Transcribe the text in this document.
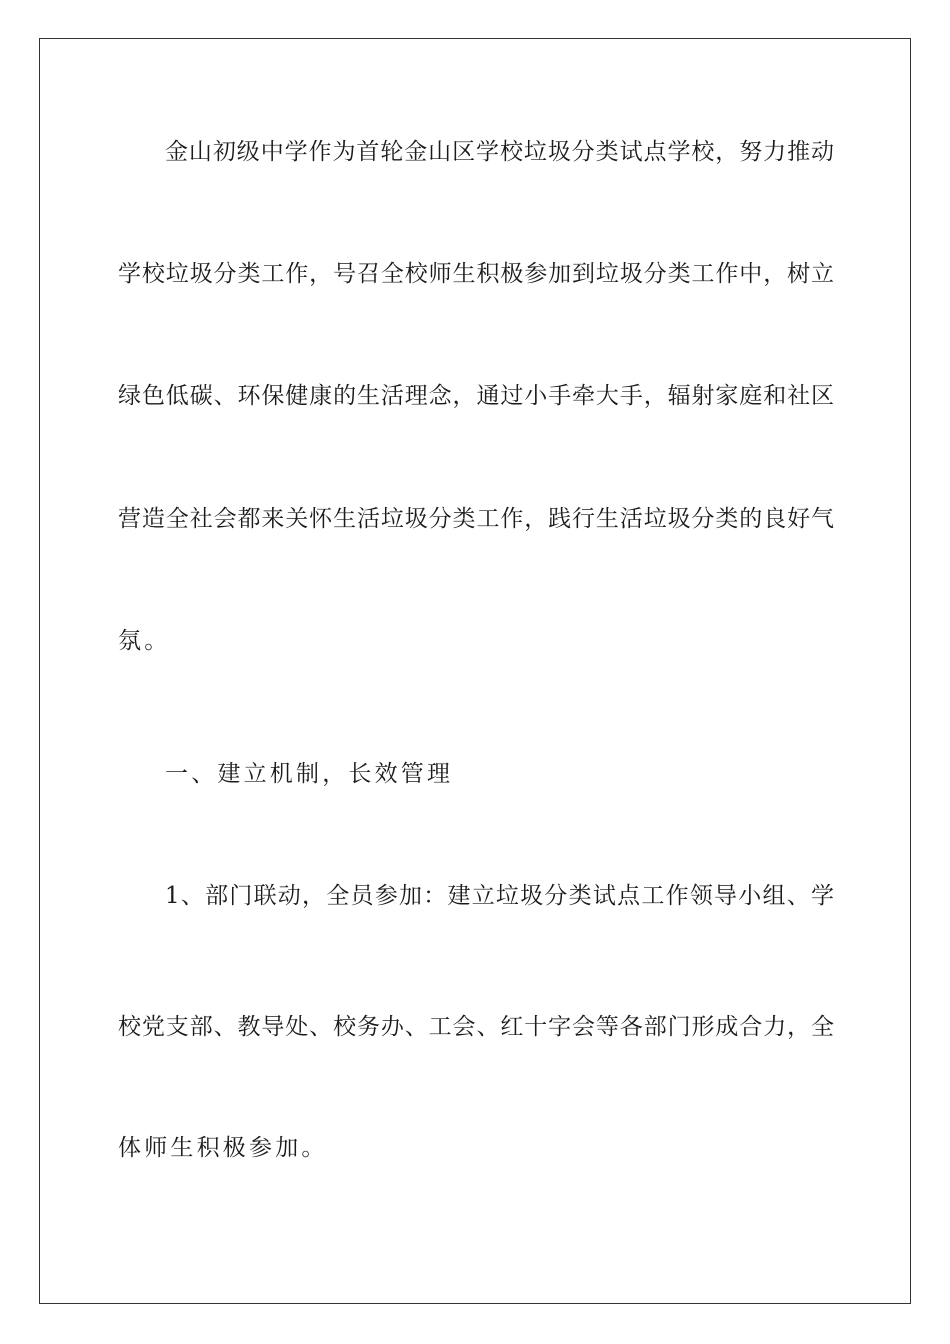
金山初级中学作为首轮金山区学校垃圾分类试点学校，努力推动
学校垃圾分类工作，号召全校师生积极参加到垃圾分类工作中，树立
绿色低碳、环保健康的生活理念，通过小手牵大手，辐射家庭和社区
营造全社会都来关怀生活垃圾分类工作，践行生活垃圾分类的良好气
氛。
一、建立机制，长效管理
1、部门联动，全员参加：建立垃圾分类试点工作领导小组、学
校党支部、教导处、校务办、工会、红十字会等各部门形成合力，全
体师生积极参加。
